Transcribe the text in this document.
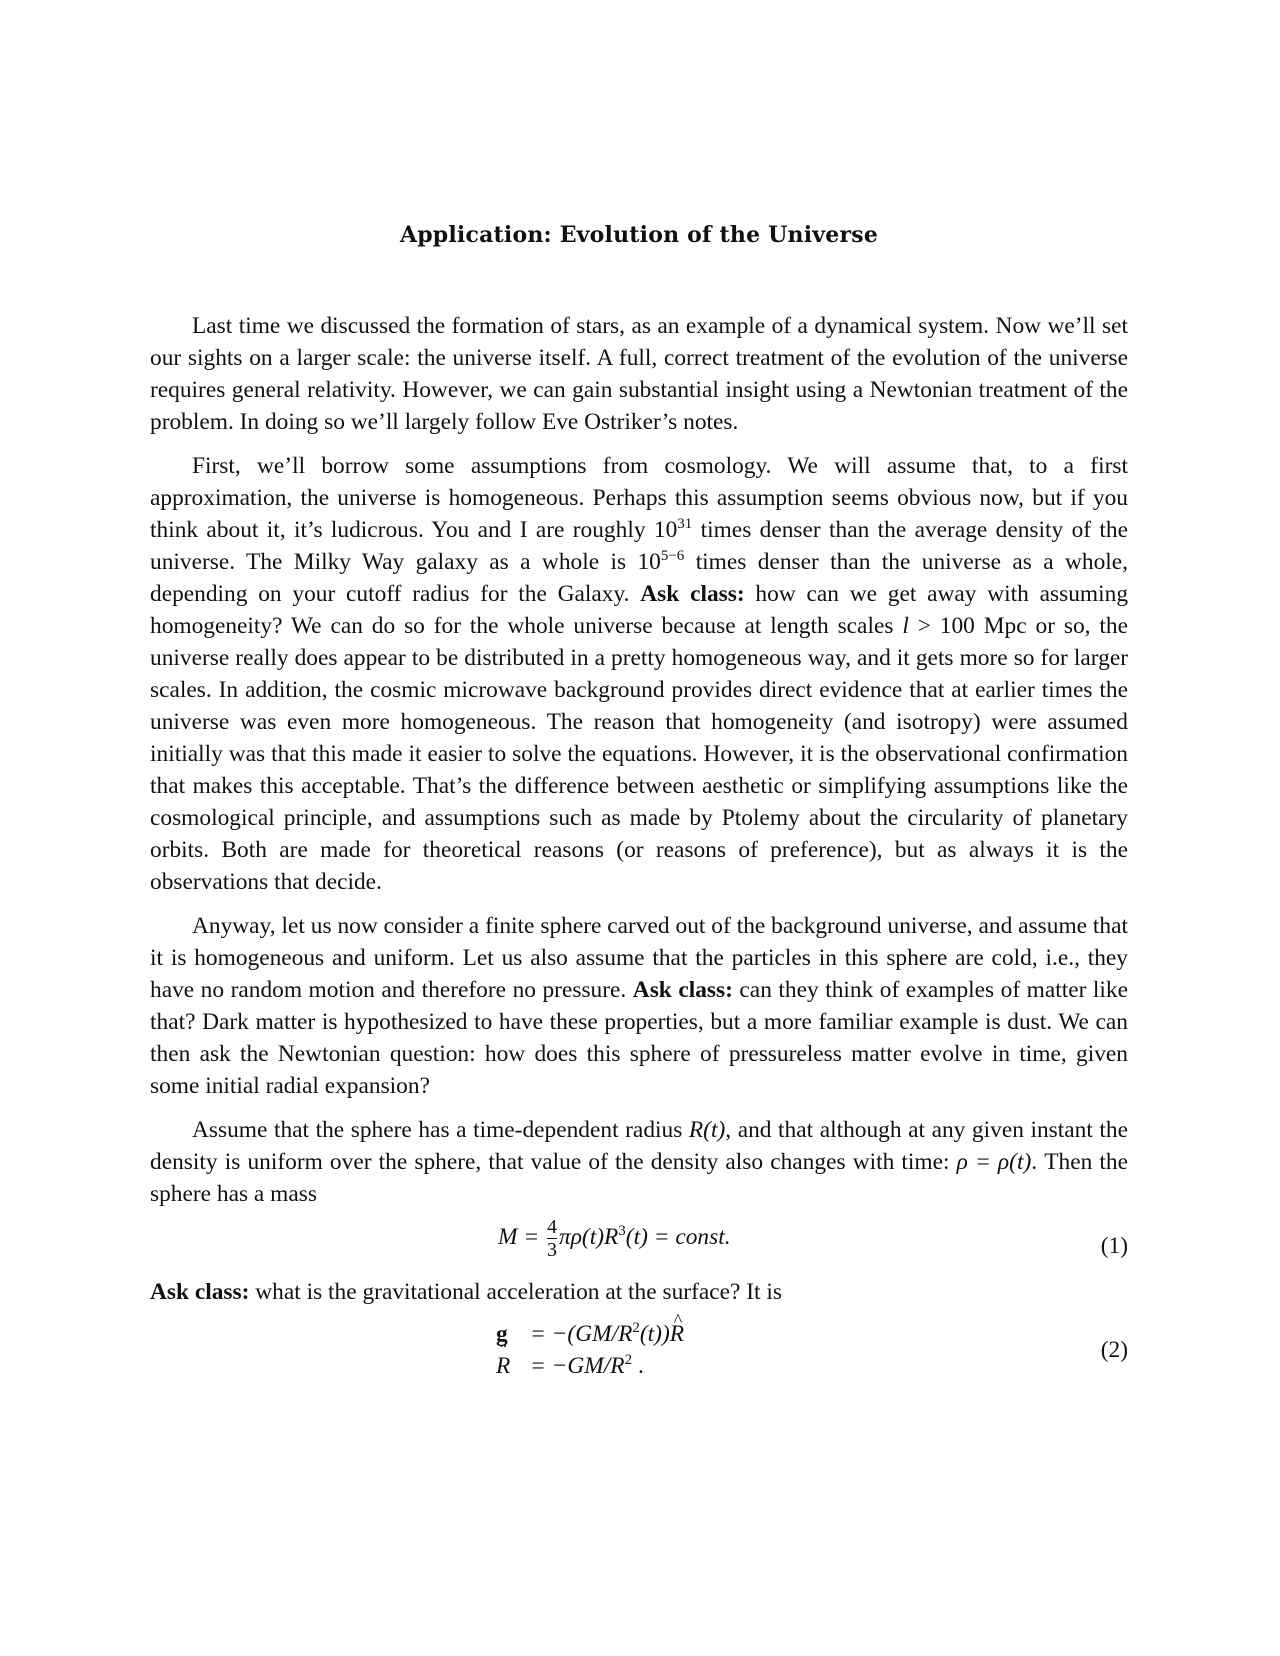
Application: Evolution of the Universe

Last time we discussed the formation of stars, as an example of a dynamical system. Now we’ll set our sights on a larger scale: the universe itself. A full, correct treatment of the evolution of the universe requires general relativity. However, we can gain substantial insight using a Newtonian treatment of the problem. In doing so we’ll largely follow Eve Ostriker’s notes.

First, we’ll borrow some assumptions from cosmology. We will assume that, to a first approximation, the universe is homogeneous. Perhaps this assumption seems obvious now, but if you think about it, it’s ludicrous. You and I are roughly $10^{31}$ times denser than the average density of the universe. The Milky Way galaxy as a whole is $10^{5-6}$ times denser than the universe as a whole, depending on your cutoff radius for the Galaxy. Ask class: how can we get away with assuming homogeneity? We can do so for the whole universe because at length scales l > 100 Mpc or so, the universe really does appear to be distributed in a pretty homogeneous way, and it gets more so for larger scales. In addition, the cosmic microwave background provides direct evidence that at earlier times the universe was even more homogeneous. The reason that homogeneity (and isotropy) were assumed initially was that this made it easier to solve the equations. However, it is the observational confirmation that makes this acceptable. That’s the difference between aesthetic or simplifying assumptions like the cosmological principle, and assumptions such as made by Ptolemy about the circularity of planetary orbits. Both are made for theoretical reasons (or reasons of preference), but as always it is the observations that decide.

Anyway, let us now consider a finite sphere carved out of the background universe, and assume that it is homogeneous and uniform. Let us also assume that the particles in this sphere are cold, i.e., they have no random motion and therefore no pressure. Ask class: can they think of examples of matter like that? Dark matter is hypothesized to have these properties, but a more familiar example is dust. We can then ask the Newtonian question: how does this sphere of pressureless matter evolve in time, given some initial radial expansion?

Assume that the sphere has a time-dependent radius R(t), and that although at any given instant the density is uniform over the sphere, that value of the density also changes with time: ρ = ρ(t). Then the sphere has a mass

$M = \frac{4}{3} \pi\rho(t)R^3(t)$ = const.	(1)

Ask class: what is the gravitational acceleration at the surface? It is

$g = -(GM/R^2(t))\^{}$ R
¨ $R = -GM/R^2$ .
(2)
